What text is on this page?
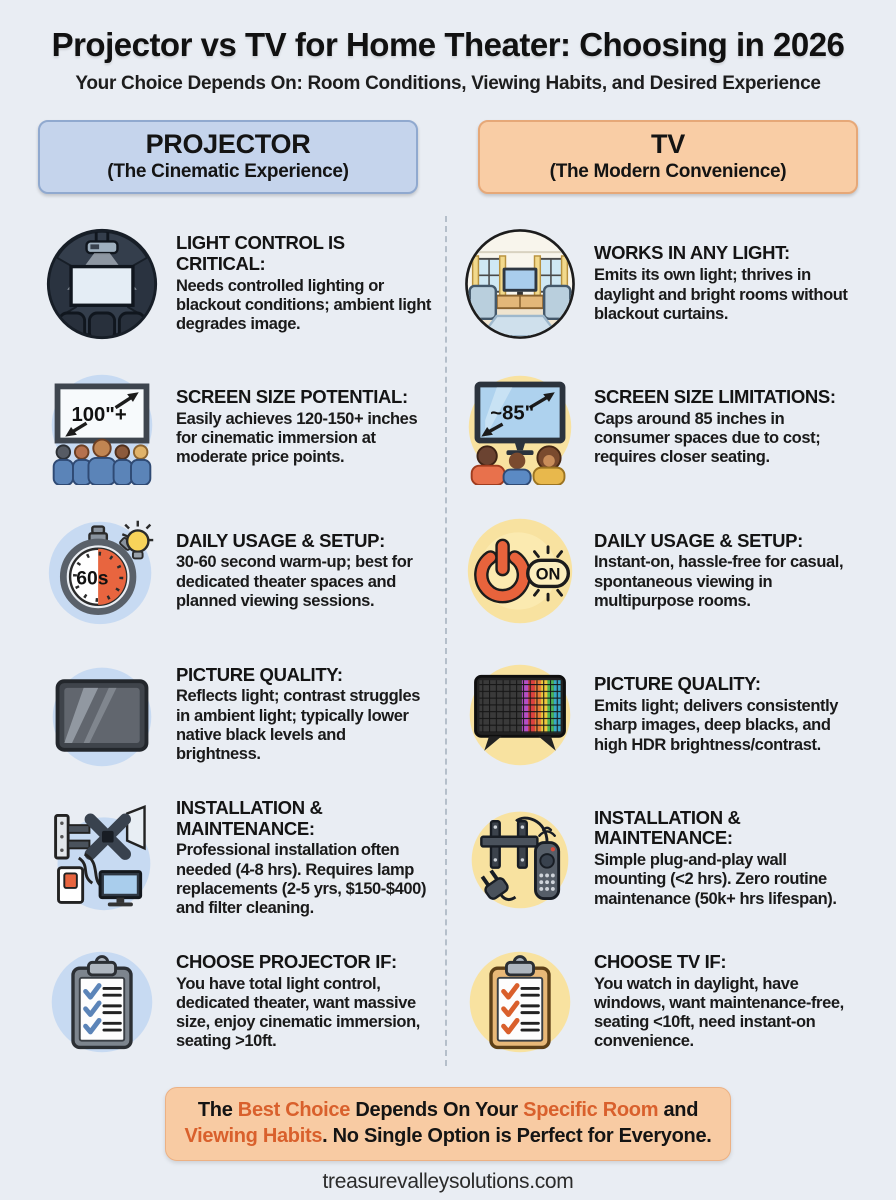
Projector vs TV for Home Theater: Choosing in 2026
Your Choice Depends On: Room Conditions, Viewing Habits, and Desired Experience
PROJECTOR
(The Cinematic Experience)
TV
(The Modern Convenience)
LIGHT CONTROL IS CRITICAL:
Needs controlled lighting or blackout conditions; ambient light degrades image.
100"+
SCREEN SIZE POTENTIAL:
Easily achieves 120-150+ inches for cinematic immersion at moderate price points.
60s
DAILY USAGE & SETUP:
30-60 second warm-up; best for dedicated theater spaces and planned viewing sessions.
PICTURE QUALITY:
Reflects light; contrast struggles in ambient light; typically lower native black levels and brightness.
INSTALLATION & MAINTENANCE:
Professional installation often needed (4-8 hrs). Requires lamp replacements (2-5 yrs, $150-$400) and filter cleaning.
CHOOSE PROJECTOR IF:
You have total light control, dedicated theater, want massive size, enjoy cinematic immersion, seating >10ft.
WORKS IN ANY LIGHT:
Emits its own light; thrives in daylight and bright rooms without blackout curtains.
~85"
SCREEN SIZE LIMITATIONS:
Caps around 85 inches in consumer spaces due to cost; requires closer seating.
ON
DAILY USAGE & SETUP:
Instant-on, hassle-free for casual, spontaneous viewing in multipurpose rooms.
PICTURE QUALITY:
Emits light; delivers consistently sharp images, deep blacks, and high HDR brightness/contrast.
INSTALLATION & MAINTENANCE:
Simple plug-and-play wall mounting (<2 hrs). Zero routine maintenance (50k+ hrs lifespan).
CHOOSE TV IF:
You watch in daylight, have windows, want maintenance-free, seating <10ft, need instant-on convenience.
The Best Choice Depends On Your Specific Room and Viewing Habits. No Single Option is Perfect for Everyone.
treasurevalleysolutions.com
